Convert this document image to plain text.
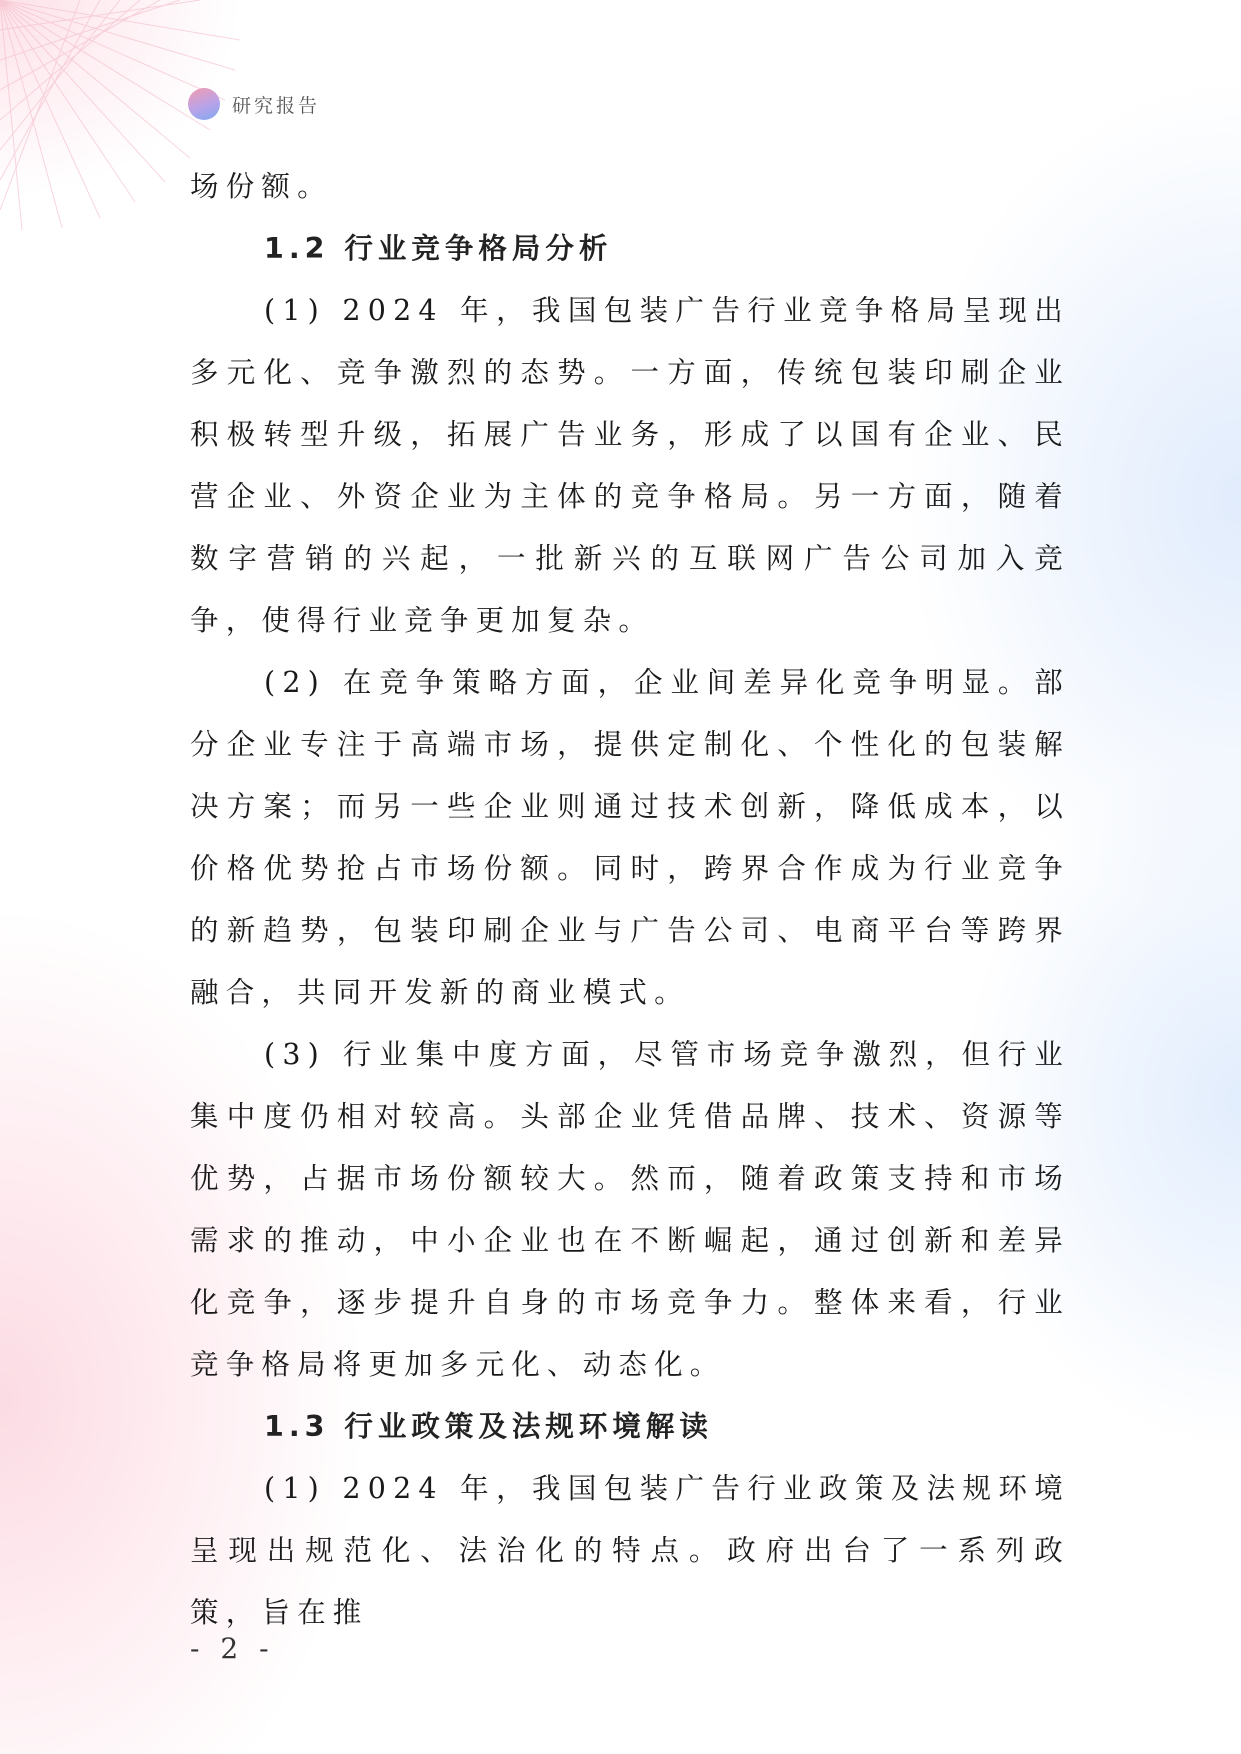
研究报告

场份额。

1.2 行业竞争格局分析

(1) 2024 年，我国包装广告行业竞争格局呈现出多元化、竞争激烈的态势。一方面，传统包装印刷企业积极转型升级，拓展广告业务，形成了以国有企业、民营企业、外资企业为主体的竞争格局。另一方面，随着数字营销的兴起，一批新兴的互联网广告公司加入竞争，使得行业竞争更加复杂。

(2) 在竞争策略方面，企业间差异化竞争明显。部分企业专注于高端市场，提供定制化、个性化的包装解决方案；而另一些企业则通过技术创新，降低成本，以价格优势抢占市场份额。同时，跨界合作成为行业竞争的新趋势，包装印刷企业与广告公司、电商平台等跨界融合，共同开发新的商业模式。

(3) 行业集中度方面，尽管市场竞争激烈，但行业集中度仍相对较高。头部企业凭借品牌、技术、资源等优势，占据市场份额较大。然而，随着政策支持和市场需求的推动，中小企业也在不断崛起，通过创新和差异化竞争，逐步提升自身的市场竞争力。整体来看，行业竞争格局将更加多元化、动态化。

1.3 行业政策及法规环境解读

(1) 2024 年，我国包装广告行业政策及法规环境呈现出规范化、法治化的特点。政府出台了一系列政策，旨在推

- 2 -
